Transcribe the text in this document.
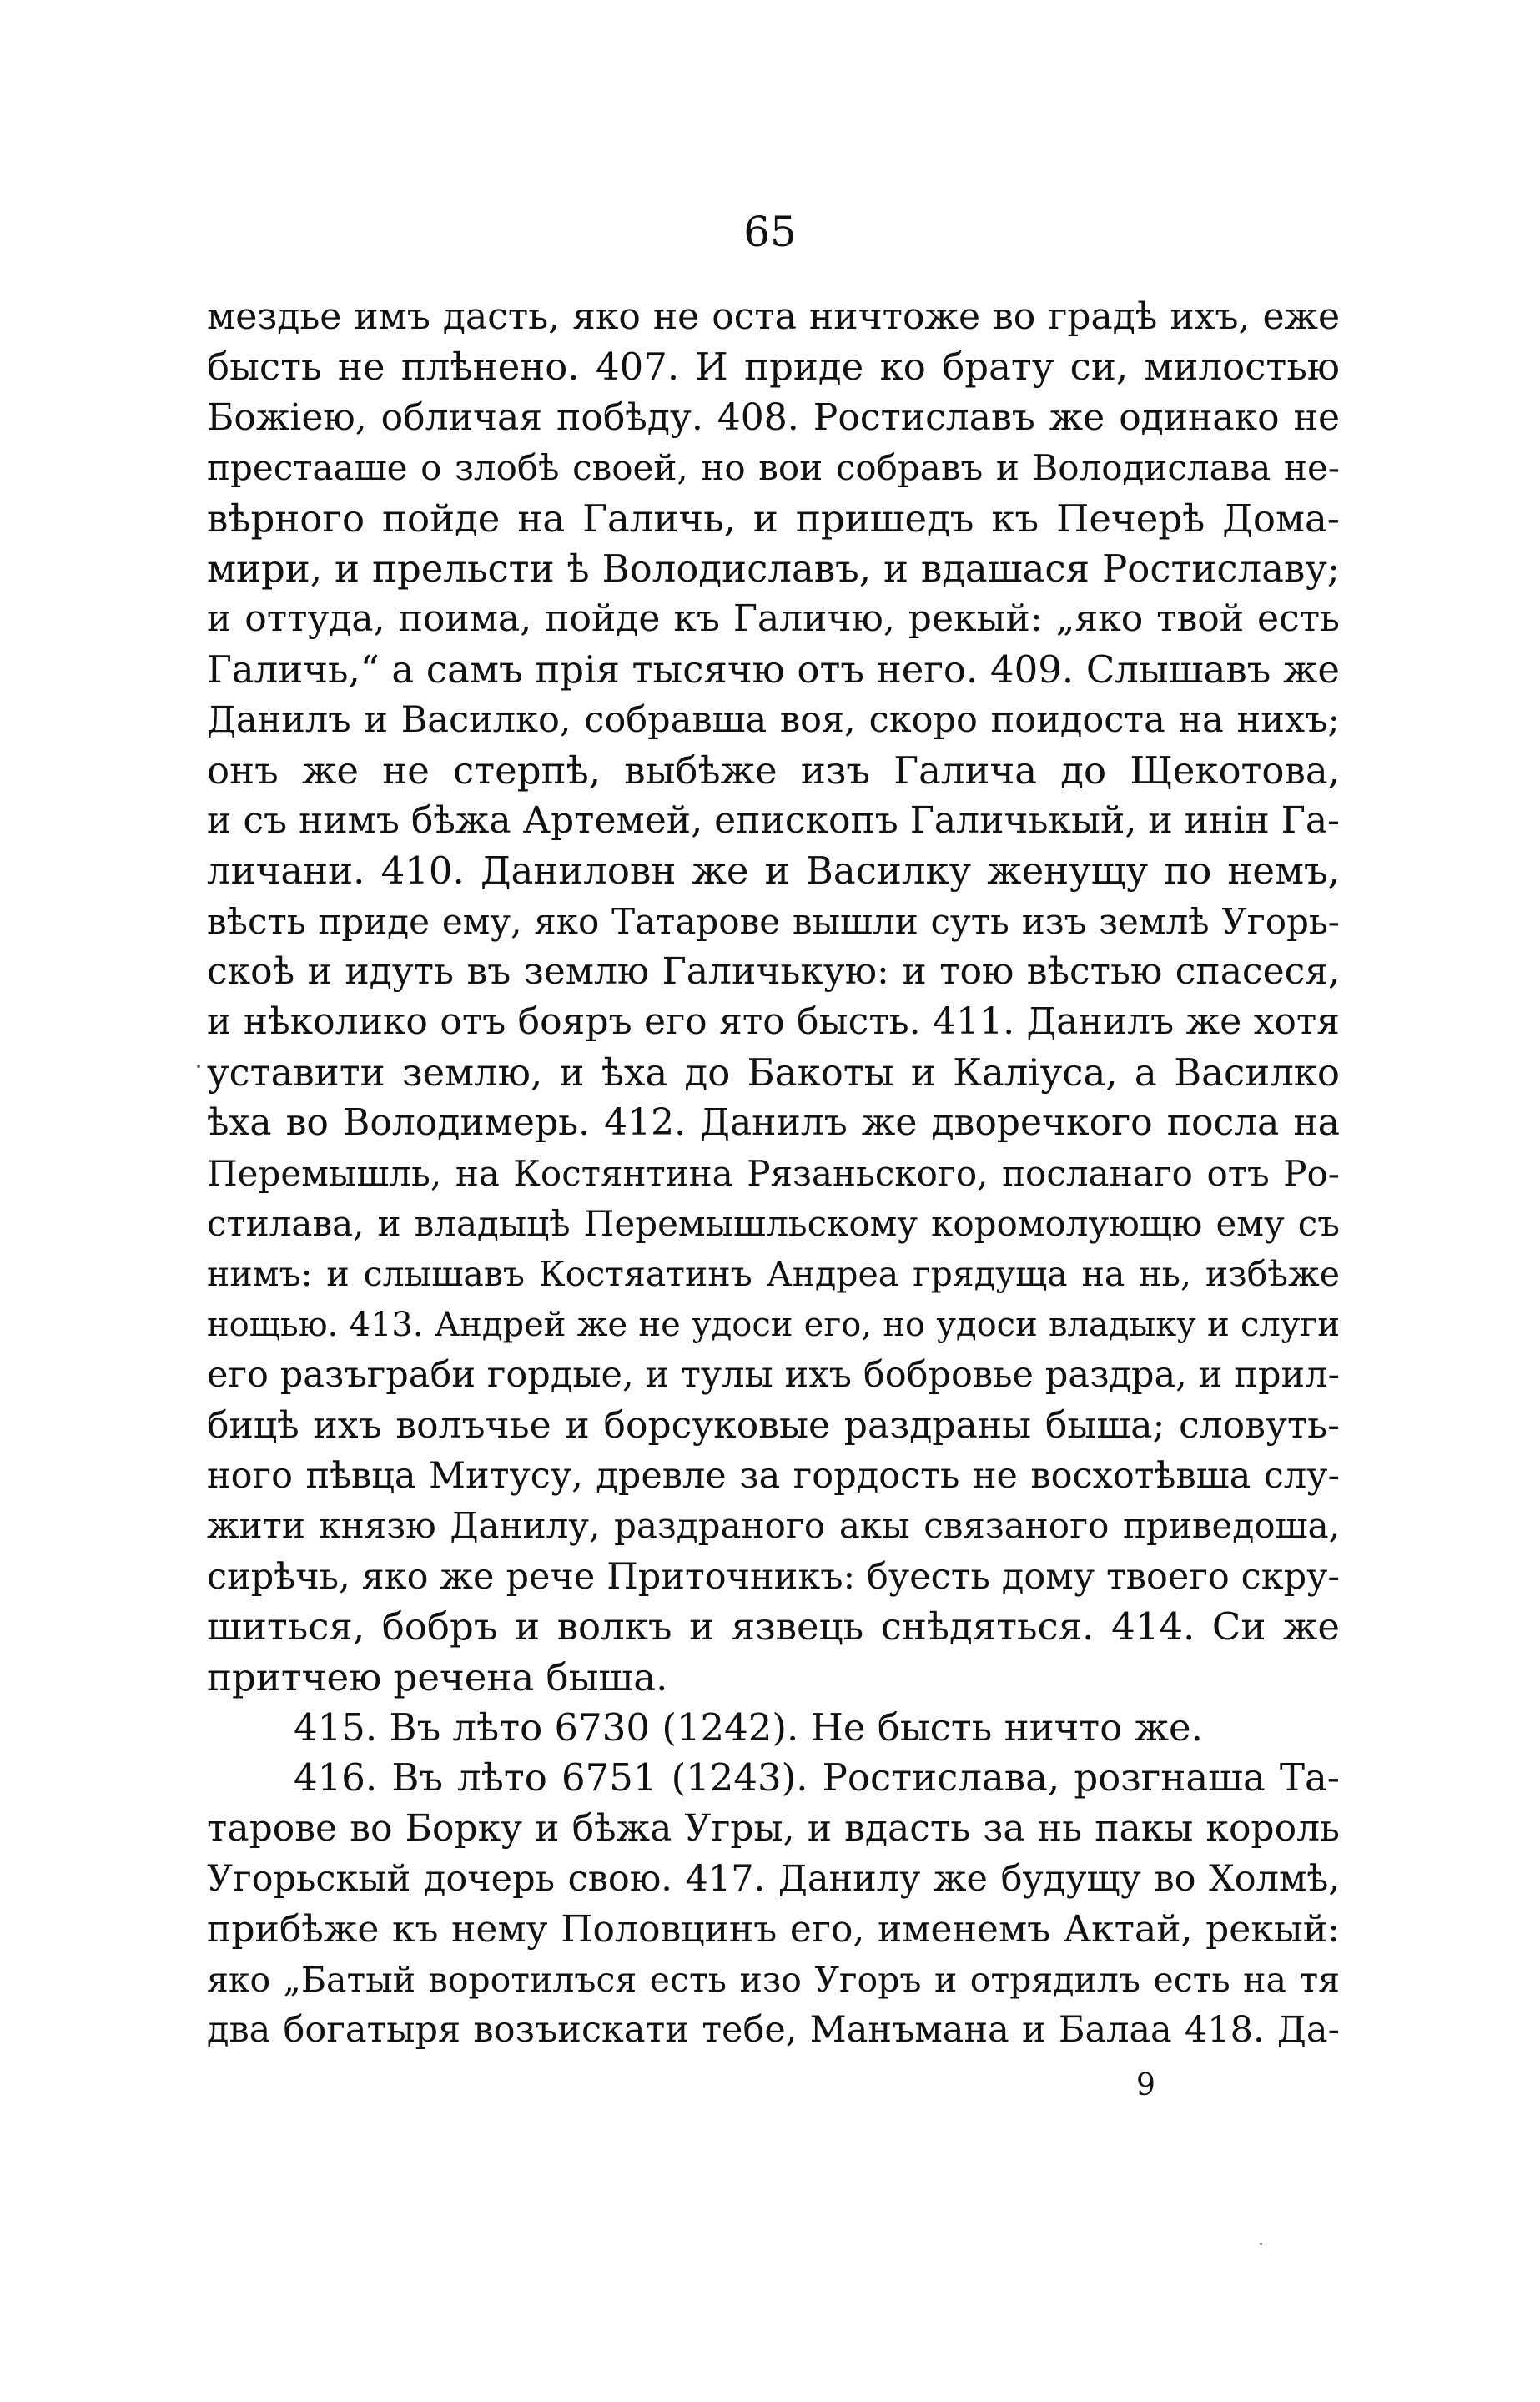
65
мездье имъ дасть, яко не оста ничтоже во градѣ ихъ, еже
бысть не плѣнено. 407. И приде ко брату си, милостью
Божіею, обличая побѣду. 408. Ростиславъ же одинако не
престааше о злобѣ своей, но вои собравъ и Володислава не-
вѣрного пойде на Галичь, и пришедъ къ Печерѣ Дома-
мири, и прельсти ѣ Володиславъ, и вдашася Ростиславу;
и оттуда, поима, пойде къ Галичю, рекый: „яко твой есть
Галичь,“ а самъ прія тысячю отъ него. 409. Слышавъ же
Данилъ и Василко, собравша воя, скоро поидоста на нихъ;
онъ же не стерпѣ, выбѣже изъ Галича до Щекотова,
и съ нимъ бѣжа Артемей, епископъ Галичькый, и инін Га-
личани. 410. Даниловн же и Василку женущу по немъ,
вѣсть приде ему, яко Татарове вышли суть изъ землѣ Угорь-
скоѣ и идуть въ землю Галичькую: и тою вѣстью спасеся,
и нѣколико отъ бояръ его ято бысть. 411. Данилъ же хотя
уставити землю, и ѣха до Бакоты и Каліуса, а Василко
ѣха во Володимерь. 412. Данилъ же дворечкого посла на
Перемышль, на Костянтина Рязаньского, посланаго отъ Ро-
стилава, и владыцѣ Перемышльскому коромолующю ему съ
нимъ: и слышавъ Костяатинъ Андреа грядуща на нь, избѣже
нощью. 413. Андрей же не удоси его, но удоси владыку и слуги
его разъграби гордые, и тулы ихъ бобровье раздра, и прил-
бицѣ ихъ волъчье и борсуковые раздраны быша; словуть-
ного пѣвца Митусу, древле за гордость не восхотѣвша слу-
жити князю Данилу, раздраного акы связаного приведоша,
сирѣчь, яко же рече Приточникъ: буесть дому твоего скру-
шиться, бобръ и волкъ и язвець снѣдяться. 414. Си же
притчею речена быша.
415. Въ лѣто 6730 (1242). Не бысть ничто же.
416. Въ лѣто 6751 (1243). Ростислава, розгнаша Та-
тарове во Борку и бѣжа Угры, и вдасть за нь пакы король
Угорьскый дочерь свою. 417. Данилу же будущу во Холмѣ,
прибѣже къ нему Половцинъ его, именемъ Актай, рекый:
яко „Батый воротилъся есть изо Угоръ и отрядилъ есть на тя
два богатыря возъискати тебе, Манъмана и Балаа 418. Да-
9
